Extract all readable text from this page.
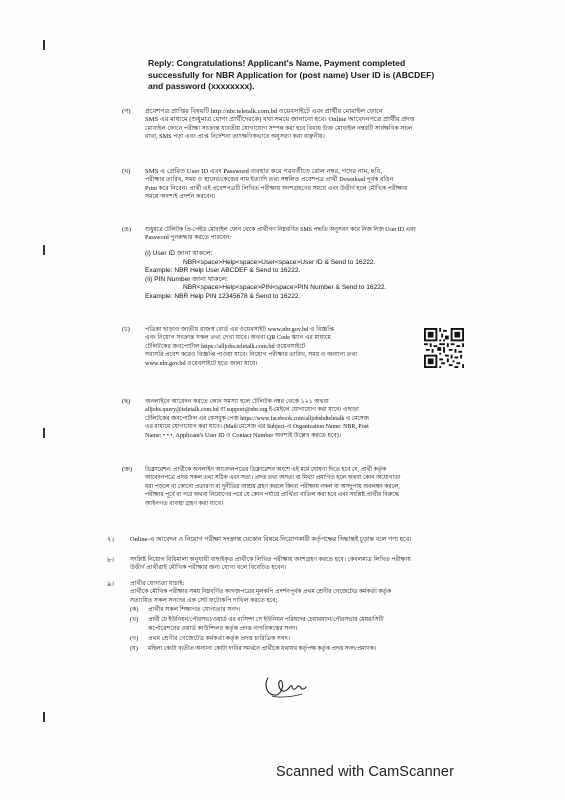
Reply: Congratulations! Applicant's Name, Payment completed
successfully for NBR Application for (post name) User ID is (ABCDEF)
and password (xxxxxxxx).
(গ) প্রবেশপত্র প্রাপ্তির বিষয়টি http://nbr.teletalk.com.bd ওয়েবসাইটে এবং প্রার্থীর মোবাইল ফোনে

SMS এর মাধ্যমে (শুধুমাত্র যোগ্য প্রার্থীদেরকে) যথা সময়ে জানানো হবে। Online আবেদনপত্রে প্রার্থীর প্রদত্ত

মোবাইল ফোনে পরীক্ষা সংক্রান্ত যাবতীয় যোগাযোগ সম্পন্ন করা হবে বিধায় উক্ত মোবাইল নম্বরটি সার্বক্ষণিক সচল

রাখা, SMS পড়া এবং প্রাপ্ত নির্দেশনা তাৎক্ষণিকভাবে অনুসরণ করা বাঞ্ছনীয়।

(ঘ) SMS এ প্রেরিত User ID এবং Password ব্যবহার করে পরবর্তীতে রোল নম্বর, পদের নাম, ছবি,

পরীক্ষার তারিখ, সময় ও স্থানের/কেন্দ্রের নাম ইত্যাদি তথ্য সম্বলিত প্রবেশপত্র প্রার্থী Download পূর্বক রঙিন

Print করে নিবেন। প্রার্থী এই প্রবেশপত্রটি লিখিত পরীক্ষায় অংশগ্রহণের সময়ে এবং উত্তীর্ণ হলে মৌখিক পরীক্ষার

সময়ে অবশ্যই প্রদর্শন করবেন।

(ঙ) শুধুমাত্র টেলিটক প্রি-পেইড মোবাইল ফোন থেকে প্রার্থীগণ নিম্নবর্ণিত SMS পদ্ধতি অনুসরণ করে নিজ নিজ User ID এবং

Password পুনরুদ্ধার করতে পারবেন:

(i) User ID জানা থাকলে:

NBR<space>Help<space>User<space>User ID & Send to 16222.

Example: NBR Help User ABCDEF & Send to 16222.

(ii) PIN Number জানা থাকলে:

NBR<space>Help<space>PIN<space>PIN Number & Send to 16222.

Example: NBR Help PIN 12345678 & Send to 16222.

(চ) পত্রিকা ছাড়াও জাতীয় রাজস্ব বোর্ড এর ওয়েবসাইট www.nbr.gov.bd এ বিজ্ঞপ্তি

এবং নিয়োগ সংক্রান্ত সকল তথ্য দেখা যাবে। অথবা QR Code স্ক্যান এর মাধ্যমে

টেলিটকের জবপোর্টাল https://alljobs.teletalk.com.bd ওয়েবসাইটে

সরাসরি প্রবেশ করেও বিজ্ঞপ্তি পাওয়া যাবে। নিয়োগ পরীক্ষার তারিখ, সময় ও অন্যান্য তথ্য

www.nbr.gov.bd ওয়েবসাইটে হতে জানা যাবে।

(ছ) অনলাইনে আবেদন করতে কোন সমস্যা হলে টেলিটক নম্বর থেকে ১২১ অথবা

alljobs.query@teletalk.com.bd বা support@nbr.org ই-মেইলে যোগাযোগ করা যাবে। এছাড়া

টেলিটকের জবপোর্টাল এর ফেসবুক পেজ https://www.facebook.com/alljobsbdteletalk এ মেসেজ

এর মাধ্যমে যোগাযোগ করা যাবে। (Mail/মেসেজ এর Subject-এ Organization Name: NBR, Post

Name: • • •, Applicant's User ID ও Contact Number অবশ্যই উল্লেখ করতে হবে)।

(জ) ডিক্লারেশন: প্রার্থীকে অনলাইন আবেদনপত্রের ডিক্লারেশন অংশে এই মর্মে ঘোষণা দিতে হবে যে, প্রার্থী কর্তৃক

আবেদনপত্রে প্রদত্ত সকল তথ্য সঠিক এবং সত্য। প্রদত্ত তথ্য অসত্য বা মিথ্যা প্রমাণিত হলে অথবা কোন অযোগ্যতা

ধরা পড়লে বা কোনো প্রতারণা বা দুর্নীতির আশ্রয় গ্রহণ করলে কিংবা পরীক্ষায় নকল বা অসদুপায় অবলম্বন করলে,

পরীক্ষার পূর্বে বা পরে অথবা নিয়োগের পরে যে কোন পর্যায়ে প্রার্থিতা বাতিল করা হবে এবং সংশ্লিষ্ট প্রার্থীর বিরুদ্ধে

আইনগত ব্যবস্থা গ্রহণ করা যাবে।

৭। Online-এ আবেদন ও নিয়োগ পরীক্ষা সংক্রান্ত যেকোন বিষয়ে নিয়োগকারী কর্তৃপক্ষের সিদ্ধান্তই চূড়ান্ত বলে গণ্য হবে।

৮।	সংশ্লিষ্ট নিয়োগ বিধিমালা অনুযায়ী বাছাইকৃত প্রার্থীকে লিখিত পরীক্ষায় অংশগ্রহণ করতে হবে। কেবলমাত্র লিখিত পরীক্ষায়

উত্তীর্ণ প্রার্থীরাই মৌখিক পরীক্ষার জন্য যোগ্য বলে বিবেচিত হবেন।

৯।	প্রার্থীর যোগ্যতা যাচাই:

প্রার্থীকে মৌখিক পরীক্ষার সময় নিম্নবর্ণিত কাগজপত্রের মূলকপি প্রদর্শনপূর্বক প্রথম শ্রেণীর গেজেটেড কর্মকর্তা কর্তৃক

সত্যায়িত সকল সনদের এক সেট ফটোকপি দাখিল করতে হবে;

(ক) প্রার্থীর সকল শিক্ষাগত যোগ্যতার সনদ।
(খ) প্রার্থী যে ইউনিয়ন/পৌরসভা/ওয়ার্ড এর বাসিন্দা সে ইউনিয়ন পরিষদের চেয়ারম্যান/পৌরসভার মেয়র/সিটি
কর্পোরেশনের ওয়ার্ড কাউন্সিলর কর্তৃক প্রদত্ত নাগরিকত্বের সনদ।
(গ) প্রথম শ্রেণীর গেজেটেড কর্মকর্তা কর্তৃক প্রদত্ত চারিত্রিক সনদ।
(ঘ) মহিলা কোটা ব্যতীত অন্যান্য কোটা দাবির সমর্থনে প্রার্থীকে যথাযথ কর্তৃপক্ষ কর্তৃক প্রদত্ত সনদ/প্রমাণক।
Scanned with CamScanner
